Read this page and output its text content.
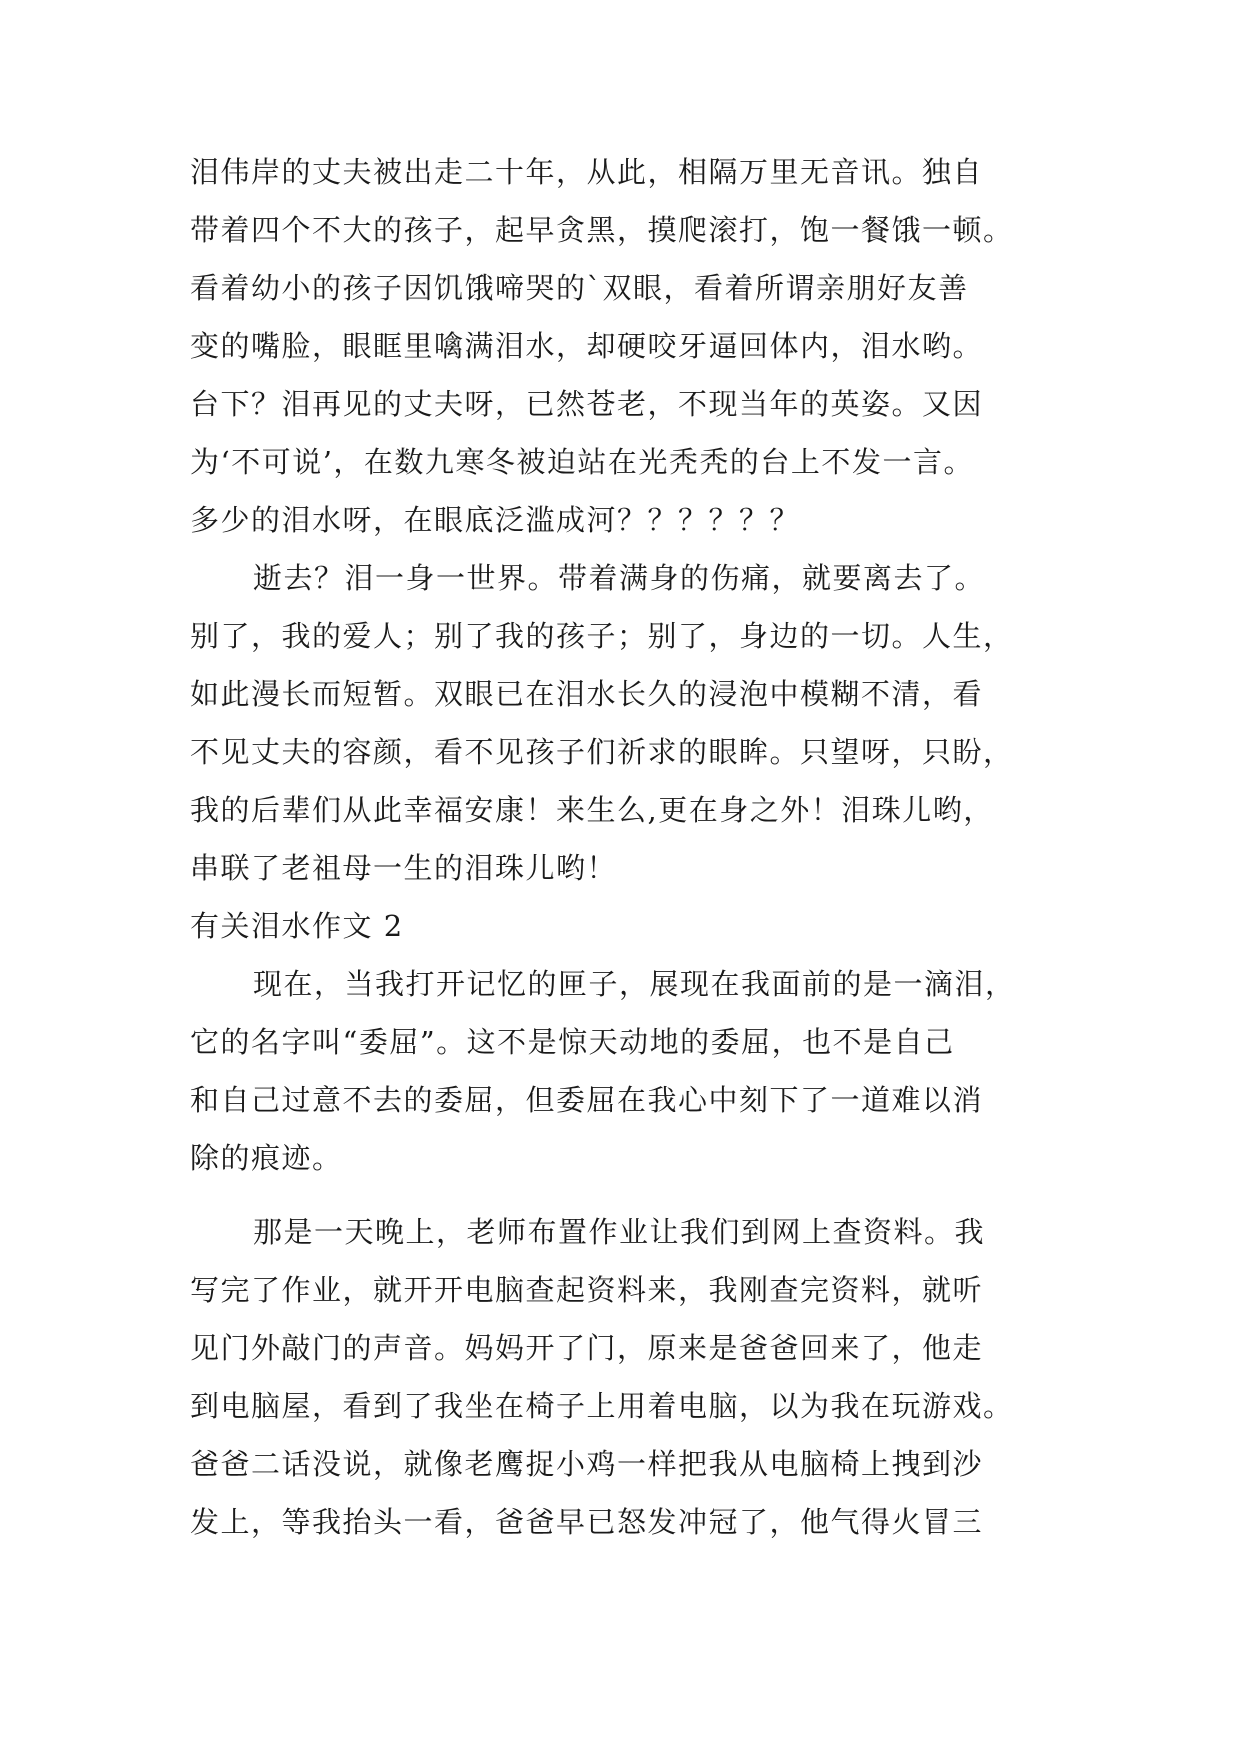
泪伟岸的丈夫被出走二十年，从此，相隔万里无音讯。独自
带着四个不大的孩子，起早贪黑，摸爬滚打，饱一餐饿一顿。
看着幼小的孩子因饥饿啼哭的`双眼，看着所谓亲朋好友善
变的嘴脸，眼眶里噙满泪水，却硬咬牙逼回体内，泪水哟。
台下？泪再见的丈夫呀，已然苍老，不现当年的英姿。又因
为‘不可说’，在数九寒冬被迫站在光秃秃的台上不发一言。
多少的泪水呀，在眼底泛滥成河？？？？？？
逝去？泪一身一世界。带着满身的伤痛，就要离去了。
别了，我的爱人；别了我的孩子；别了，身边的一切。人生，
如此漫长而短暂。双眼已在泪水长久的浸泡中模糊不清，看
不见丈夫的容颜，看不见孩子们祈求的眼眸。只望呀，只盼，
我的后辈们从此幸福安康！来生么,更在身之外！泪珠儿哟，
串联了老祖母一生的泪珠儿哟！
有关泪水作文 2
现在，当我打开记忆的匣子，展现在我面前的是一滴泪，
它的名字叫“委屈”。这不是惊天动地的委屈，也不是自己
和自己过意不去的委屈，但委屈在我心中刻下了一道难以消
除的痕迹。
那是一天晚上，老师布置作业让我们到网上查资料。我
写完了作业，就开开电脑查起资料来，我刚查完资料，就听
见门外敲门的声音。妈妈开了门，原来是爸爸回来了，他走
到电脑屋，看到了我坐在椅子上用着电脑，以为我在玩游戏。
爸爸二话没说，就像老鹰捉小鸡一样把我从电脑椅上拽到沙
发上，等我抬头一看，爸爸早已怒发冲冠了，他气得火冒三
